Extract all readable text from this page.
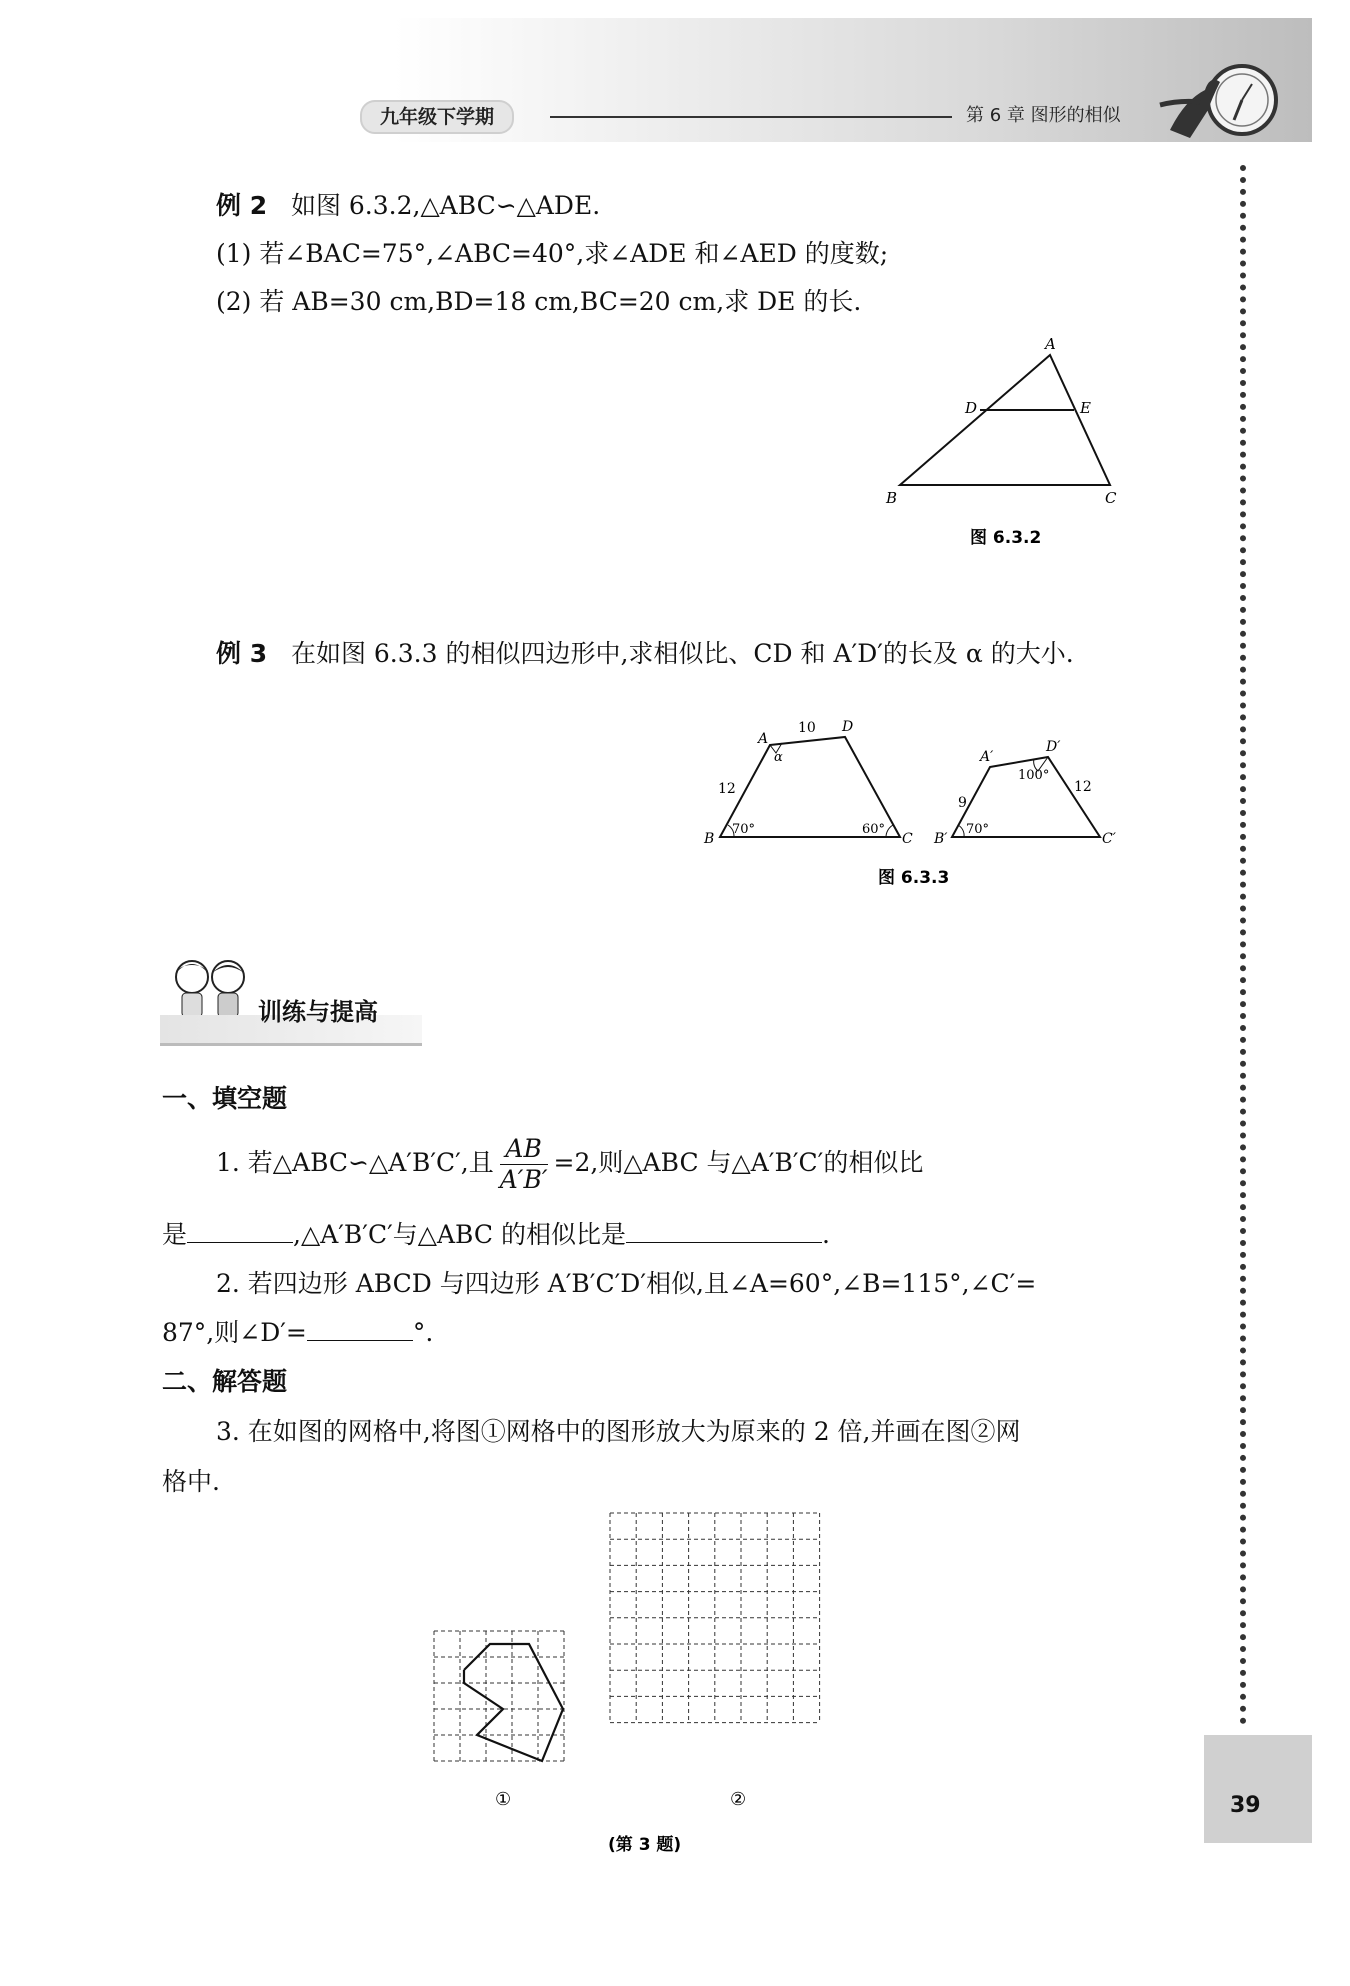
九年级下学期	第 6 章 图形的相似
39
例 2 如图 6.3.2,△ABC∽△ADE.
(1) 若∠BAC=75°,∠ABC=40°,求∠ADE 和∠AED 的度数;
(2) 若 AB=30 cm,BD=18 cm,BC=20 cm,求 DE 的长.
A
D	E
B	C
图 6.3.2
例 3 在如图 6.3.3 的相似四边形中,求相似比、CD 和 A′D′的长及 α 的大小.
A
D
B	C
10
12
70°	60°
α	A′
D′
B′	C′
9
12
70°
100°
图 6.3.3
训练与提高
一、填空题
1. 若△ABC∽△A′B′C′,且 $\frac{AB}{A'B'} =2$,则△ABC 与△A′B′C′的相似比
是	,△A′B′C′与△ABC 的相似比是	.
2. 若四边形 ABCD 与四边形 A′B′C′D′相似,且∠A=60°,∠B=115°,∠C′=
87°,则∠D′=	°.
二、解答题
3. 在如图的网格中,将图①网格中的图形放大为原来的 2 倍,并画在图②网
格中.
①	②
(第 3 题)
